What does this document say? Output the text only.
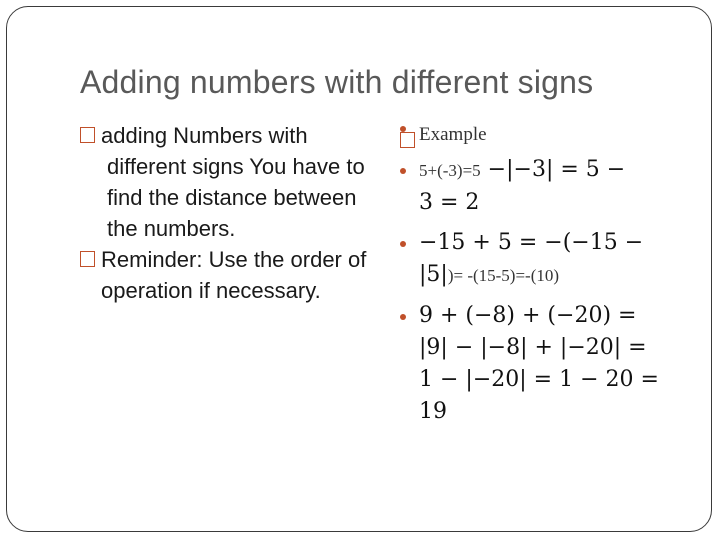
Adding numbers with different signs
adding Numbers with different signs You have to find the distance between the numbers.
Reminder: Use the order of operation if necessary.
Example
5+(-3)=5 −|−3| = 5 −
3 = 2
−15 + 5 = −(−15 −
|5|)= -(15-5)=-(10)
9 + (−8) + (−20) =
|9| − |−8| + |−20| =
1 − |−20| = 1 − 20 =
19
